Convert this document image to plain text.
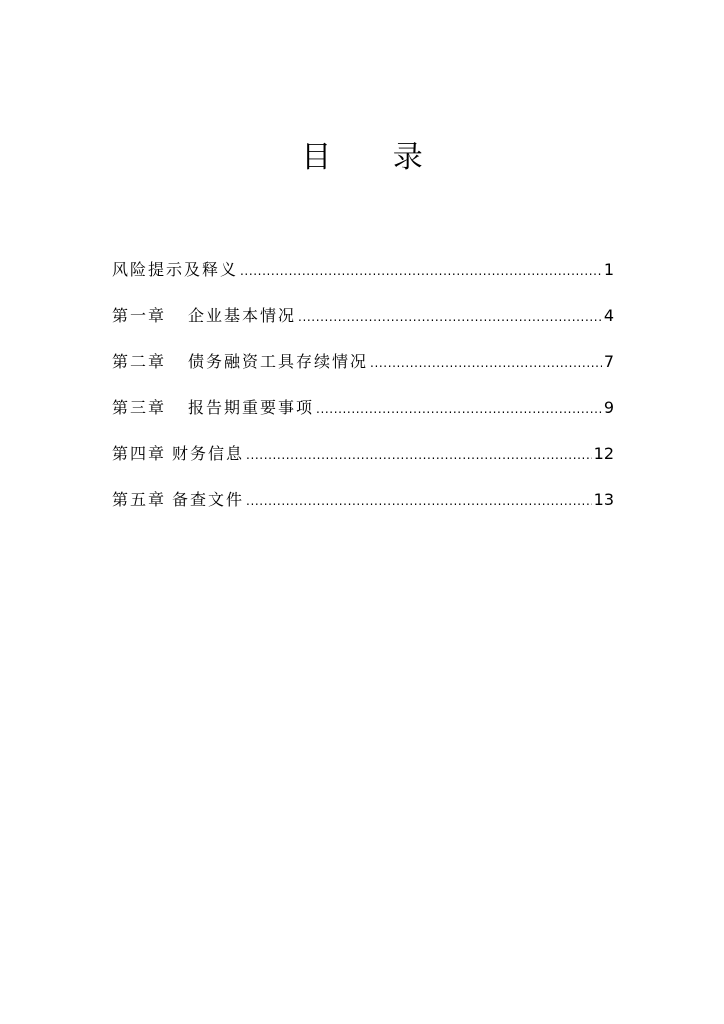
目 录
风险提示及释义 .....	1
第一章 企业基本情况 .....	4
第二章 债务融资工具存续情况 .....	7
第三章 报告期重要事项 .....	9
第四章 财务信息 .....	12
第五章 备查文件 .....	13
